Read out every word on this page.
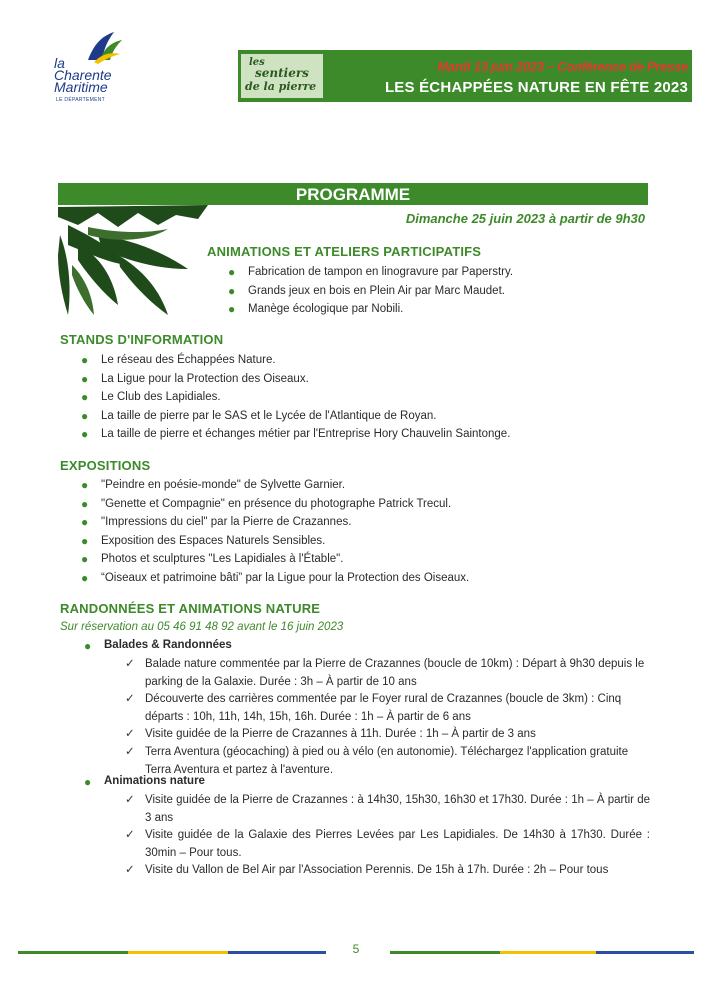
la
Charente
Maritime
LE DÉPARTEMENT
les
sentiers
de la pierre
Mardi 13 juin 2023 – Conférence de Presse
LES ÉCHAPPÉES NATURE EN FÊTE 2023
PROGRAMME
Dimanche 25 juin 2023 à partir de 9h30
ANIMATIONS ET ATELIERS PARTICIPATIFS
● Fabrication de tampon en linogravure par Paperstry.
● Grands jeux en bois en Plein Air par Marc Maudet.
● Manège écologique par Nobili.
STANDS D'INFORMATION
● Le réseau des Échappées Nature.
● La Ligue pour la Protection des Oiseaux.
● Le Club des Lapidiales.
● La taille de pierre par le SAS et le Lycée de l'Atlantique de Royan.
● La taille de pierre et échanges métier par l'Entreprise Hory Chauvelin Saintonge.
EXPOSITIONS
● "Peindre en poésie-monde" de Sylvette Garnier.
● "Genette et Compagnie" en présence du photographe Patrick Trecul.
● "Impressions du ciel" par la Pierre de Crazannes.
● Exposition des Espaces Naturels Sensibles.
● Photos et sculptures "Les Lapidiales à l'Étable".
● “Oiseaux et patrimoine bâti” par la Ligue pour la Protection des Oiseaux.
RANDONNÉES ET ANIMATIONS NATURE
Sur réservation au 05 46 91 48 92 avant le 16 juin 2023
● Balades & Randonnées
✓ Balade nature commentée par la Pierre de Crazannes (boucle de 10km) : Départ à 9h30 depuis le parking de la Galaxie. Durée : 3h – À partir de 10 ans
✓ Découverte des carrières commentée par le Foyer rural de Crazannes (boucle de 3km) : Cinq départs : 10h, 11h, 14h, 15h, 16h. Durée : 1h – À partir de 6 ans
✓ Visite guidée de la Pierre de Crazannes à 11h. Durée : 1h – À partir de 3 ans
✓ Terra Aventura (géocaching) à pied ou à vélo (en autonomie). Téléchargez l'application gratuite Terra Aventura et partez à l'aventure.
● Animations nature
✓ Visite guidée de la Pierre de Crazannes : à 14h30, 15h30, 16h30 et 17h30. Durée : 1h – À partir de 3 ans
✓ Visite guidée de la Galaxie des Pierres Levées par Les Lapidiales. De 14h30 à 17h30. Durée : 30min – Pour tous.
✓ Visite du Vallon de Bel Air par l'Association Perennis. De 15h à 17h. Durée : 2h – Pour tous
5
